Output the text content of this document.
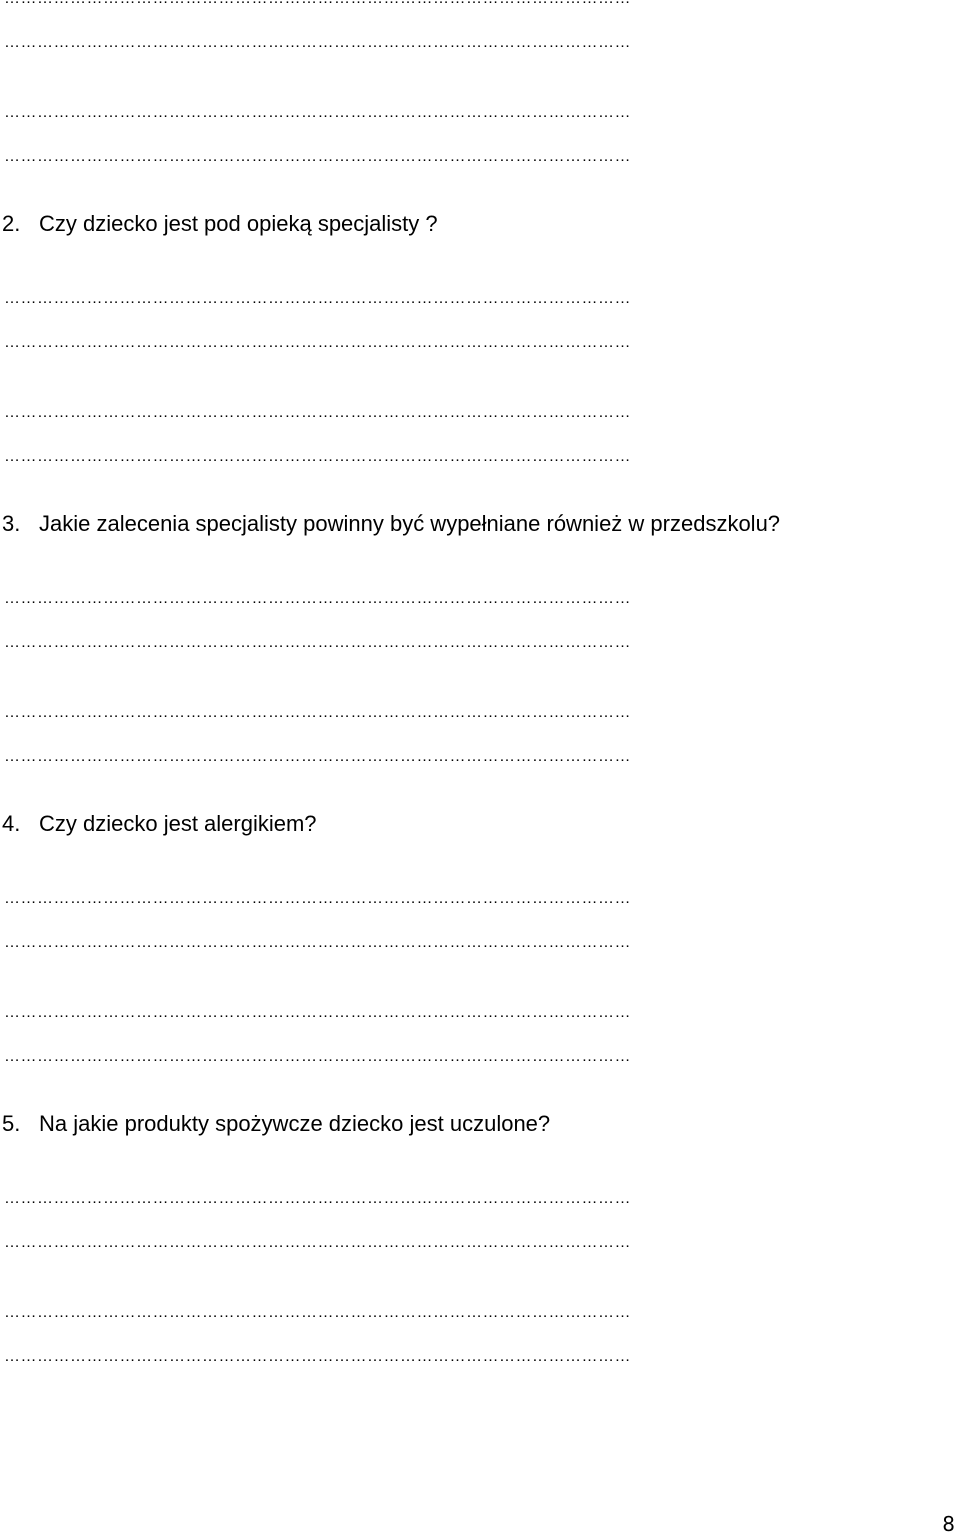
……………………………………………………………………………………………………
……………………………………………………………………………………………………
……………………………………………………………………………………………………
2. Czy dziecko jest pod opieką specjalisty ?
……………………………………………………………………………………………………
……………………………………………………………………………………………………
……………………………………………………………………………………………………
……………………………………………………………………………………………………
3. Jakie zalecenia specjalisty powinny być wypełniane również w przedszkolu?
……………………………………………………………………………………………………
……………………………………………………………………………………………………
……………………………………………………………………………………………………
……………………………………………………………………………………………………
4. Czy dziecko jest alergikiem?
……………………………………………………………………………………………………
……………………………………………………………………………………………………
……………………………………………………………………………………………………
……………………………………………………………………………………………………
5. Na jakie produkty spożywcze dziecko jest uczulone?
……………………………………………………………………………………………………
……………………………………………………………………………………………………
……………………………………………………………………………………………………
……………………………………………………………………………………………………
8
